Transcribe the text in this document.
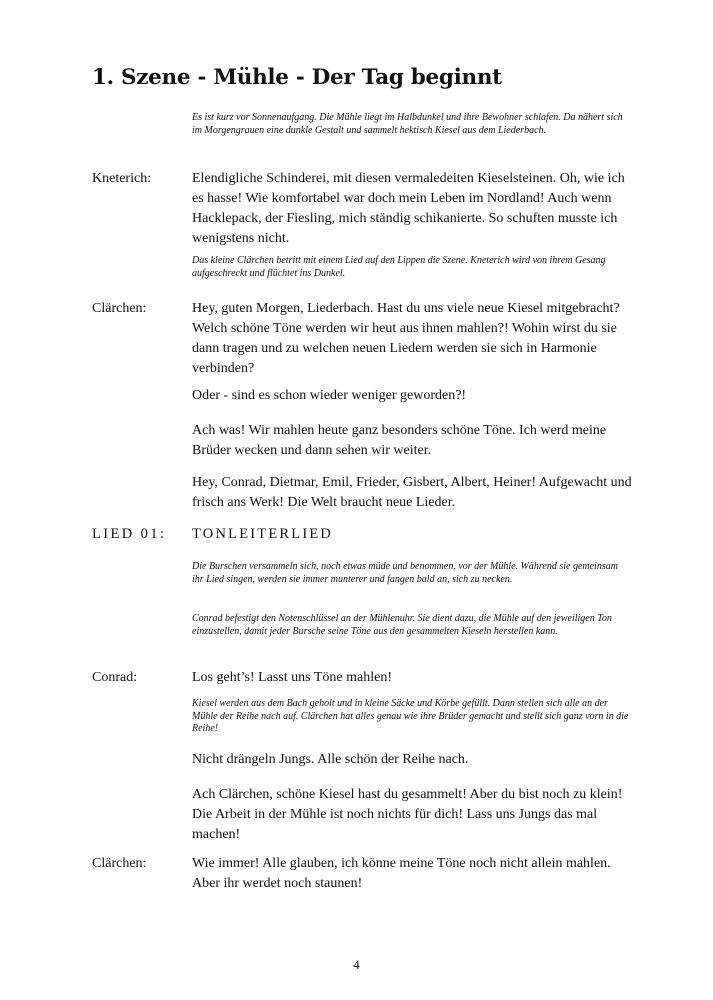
1. Szene - Mühle - Der Tag beginnt
Es ist kurz vor Sonnenaufgang. Die Mühle liegt im Halbdunkel und ihre Bewohner schlafen. Da nähert sich im Morgengrauen eine dunkle Gestalt und sammelt hektisch Kiesel aus dem Liederbach.
Kneterich:	Elendigliche Schinderei, mit diesen vermaledeiten Kieselsteinen. Oh, wie ich es hasse! Wie komfortabel war doch mein Leben im Nordland! Auch wenn Hacklepack, der Fiesling, mich ständig schikanierte. So schuften musste ich wenigstens nicht.
Das kleine Clärchen betritt mit einem Lied auf den Lippen die Szene. Kneterich wird von ihrem Gesang aufgeschreckt und flüchtet ins Dunkel.
Clärchen:	Hey, guten Morgen, Liederbach. Hast du uns viele neue Kiesel mitgebracht? Welch schöne Töne werden wir heut aus ihnen mahlen?! Wohin wirst du sie dann tragen und zu welchen neuen Liedern werden sie sich in Harmonie verbinden?
Oder - sind es schon wieder weniger geworden?!
Ach was! Wir mahlen heute ganz besonders schöne Töne. Ich werd meine Brüder wecken und dann sehen wir weiter.
Hey, Conrad, Dietmar, Emil, Frieder, Gisbert, Albert, Heiner! Aufgewacht und frisch ans Werk! Die Welt braucht neue Lieder.
LIED 01: TONLEITERLIED
Die Burschen versammeln sich, noch etwas müde und benommen, vor der Mühle. Während sie gemeinsam ihr Lied singen, werden sie immer munterer und fangen bald an, sich zu necken.
Conrad befestigt den Notenschlüssel an der Mühlenuhr. Sie dient dazu, die Mühle auf den jeweiligen Ton einzustellen, damit jeder Bursche seine Töne aus den gesammelten Kieseln herstellen kann.
Conrad:	Los geht’s! Lasst uns Töne mahlen!
Kiesel werden aus dem Bach geholt und in kleine Säcke und Körbe gefüllt. Dann stellen sich alle an der Mühle der Reihe nach auf. Clärchen hat alles genau wie ihre Brüder gemacht und stellt sich ganz vorn in die Reihe!
Nicht drängeln Jungs. Alle schön der Reihe nach.
Ach Clärchen, schöne Kiesel hast du gesammelt! Aber du bist noch zu klein! Die Arbeit in der Mühle ist noch nichts für dich! Lass uns Jungs das mal machen!
Clärchen:	Wie immer! Alle glauben, ich könne meine Töne noch nicht allein mahlen. Aber ihr werdet noch staunen!
4
